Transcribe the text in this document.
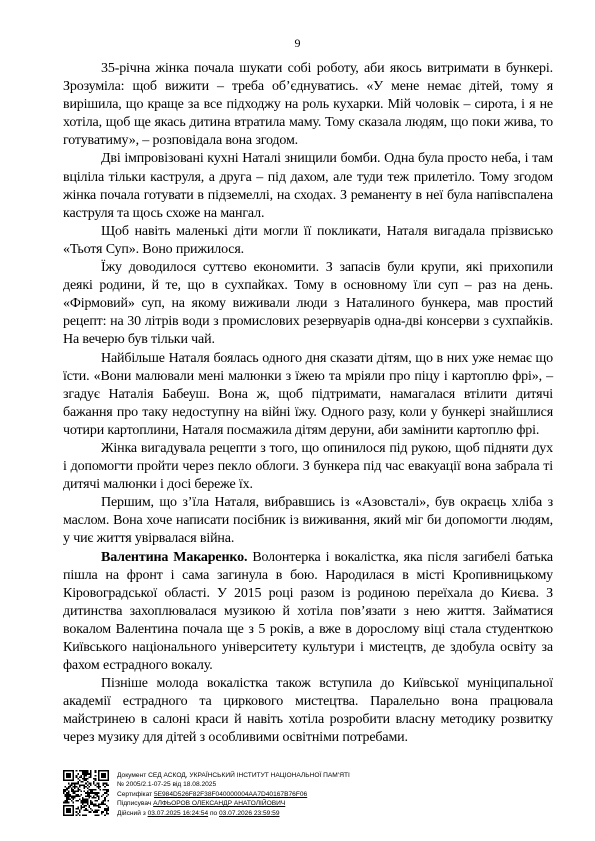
9

35-річна жінка почала шукати собі роботу, аби якось витримати в бункері. Зрозуміла: щоб вижити – треба об’єднуватись. «У мене немає дітей, тому я вирішила, що краще за все підходжу на роль кухарки. Мій чоловік – сирота, і я не хотіла, щоб ще якась дитина втратила маму. Тому сказала людям, що поки жива, то готуватиму», – розповідала вона згодом.

Дві імпровізовані кухні Наталі знищили бомби. Одна була просто неба, і там вціліла тільки каструля, а друга – під дахом, але туди теж прилетіло. Тому згодом жінка почала готувати в підземеллі, на сходах. З реманенту в неї була напівспалена каструля та щось схоже на мангал.

Щоб навіть маленькі діти могли її покликати, Наталя вигадала прізвисько «Тьотя Суп». Воно прижилося.

Їжу доводилося суттєво економити. З запасів були крупи, які прихопили деякі родини, й те, що в сухпайках. Тому в основному їли суп – раз на день. «Фірмовий» суп, на якому виживали люди з Наталиного бункера, мав простий рецепт: на 30 літрів води з промислових резервуарів одна-дві консерви з сухпайків. На вечерю був тільки чай.

Найбільше Наталя боялась одного дня сказати дітям, що в них уже немає що їсти. «Вони малювали мені малюнки з їжею та мріяли про піцу і картоплю фрі», – згадує Наталія Бабеуш. Вона ж, щоб підтримати, намагалася втілити дитячі бажання про таку недоступну на війні їжу. Одного разу, коли у бункері знайшлися чотири картоплини, Наталя посмажила дітям деруни, аби замінити картоплю фрі.

Жінка вигадувала рецепти з того, що опинилося під рукою, щоб підняти дух і допомогти пройти через пекло облоги. З бункера під час евакуації вона забрала ті дитячі малюнки і досі береже їх.

Першим, що з’їла Наталя, вибравшись із «Азовсталі», був окраєць хліба з маслом. Вона хоче написати посібник із виживання, який міг би допомогти людям, у чиє життя увірвалася війна.

Валентина Макаренко. Волонтерка і вокалістка, яка після загибелі батька пішла на фронт і сама загинула в бою. Народилася в місті Кропивницькому Кіровоградської області. У 2015 році разом із родиною переїхала до Києва. З дитинства захоплювалася музикою й хотіла пов’язати з нею життя. Займатися вокалом Валентина почала ще з 5 років, а вже в дорослому віці стала студенткою Київського національного університету культури і мистецтв, де здобула освіту за фахом естрадного вокалу.

Пізніше молода вокалістка також вступила до Київської муніципальної академії естрадного та циркового мистецтва. Паралельно вона працювала майстринею в салоні краси й навіть хотіла розробити власну методику розвитку через музику для дітей з особливими освітніми потребами.

Документ СЕД АСКОД, УКРАЇНСЬКИЙ ІНСТИТУТ НАЦІОНАЛЬНОЇ ПАМ’ЯТІ
№ 2005/2.1-07-25 від 18.08.2025
Сертифікат 5E984D526F82F38F040000004AA7D40167B76F06
Підписувач АЛФЬОРОВ ОЛЕКСАНДР АНАТОЛІЙОВИЧ
Дійсний з 03.07.2025 16:24:54 по 03.07.2026 23:59:59
